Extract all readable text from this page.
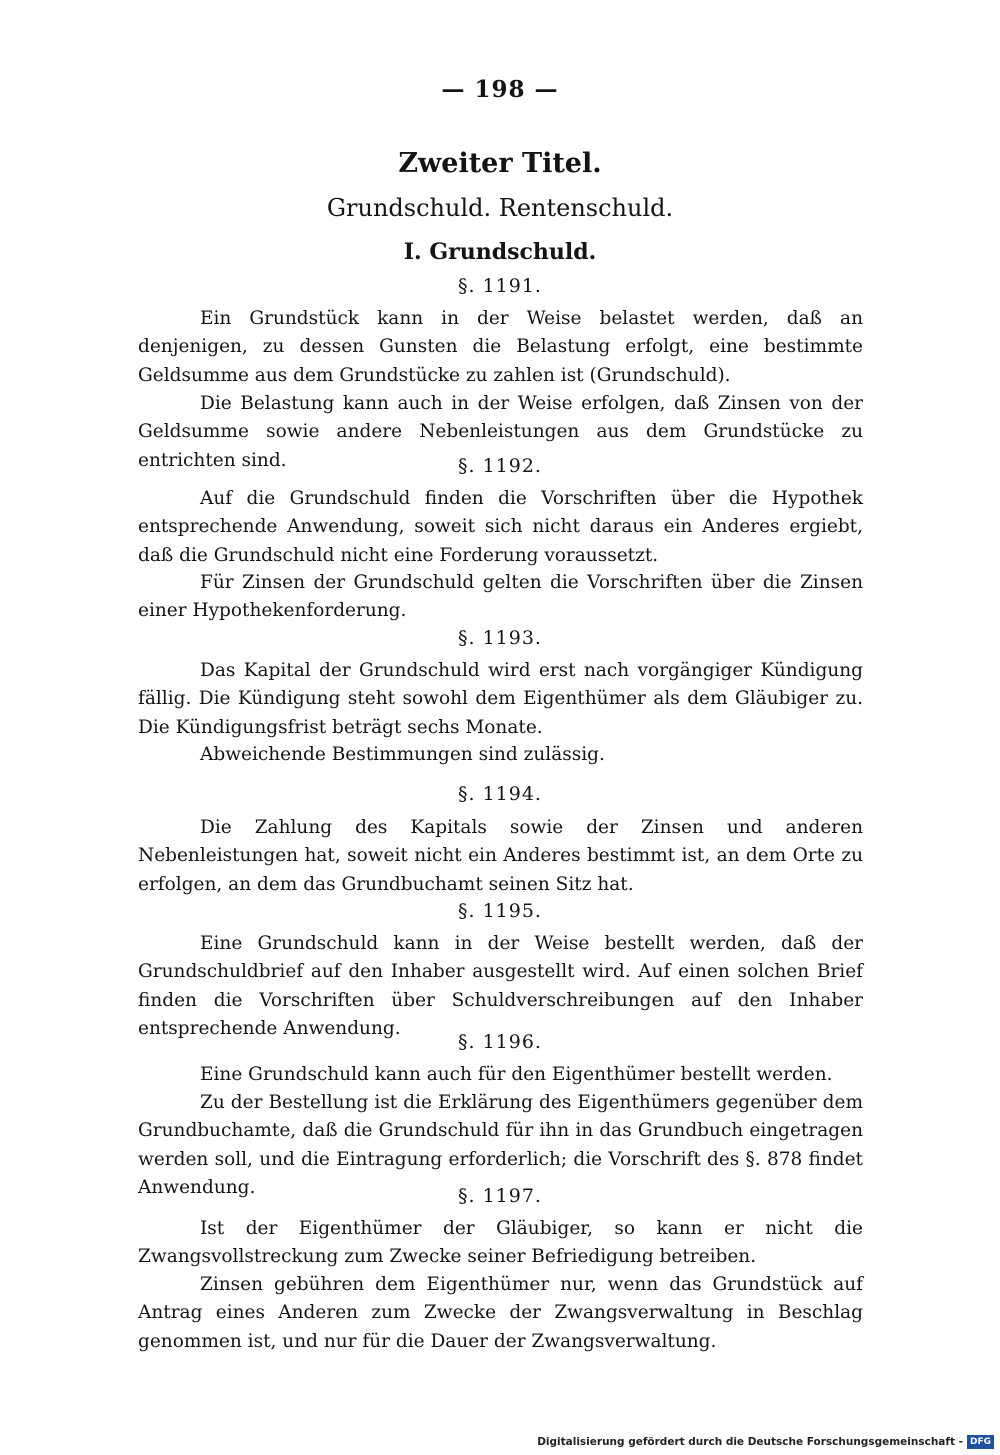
— 198 —
Zweiter Titel.
Grundschuld. Rentenschuld.
I. Grundschuld.
§. 1191.

Ein Grundstück kann in der Weise belastet werden, daß an denjenigen, zu dessen Gunsten die Belastung erfolgt, eine bestimmte Geldsumme aus dem Grundstücke zu zahlen ist (Grundschuld).

Die Belastung kann auch in der Weise erfolgen, daß Zinsen von der Geldsumme sowie andere Nebenleistungen aus dem Grundstücke zu entrichten sind.	§. 1192.

Auf die Grundschuld finden die Vorschriften über die Hypothek entsprechende Anwendung, soweit sich nicht daraus ein Anderes ergiebt, daß die Grundschuld nicht eine Forderung voraussetzt.

Für Zinsen der Grundschuld gelten die Vorschriften über die Zinsen einer Hypothekenforderung.

§. 1193.

Das Kapital der Grundschuld wird erst nach vorgängiger Kündigung fällig. Die Kündigung steht sowohl dem Eigenthümer als dem Gläubiger zu. Die Kündigungsfrist beträgt sechs Monate.

Abweichende Bestimmungen sind zulässig.

§. 1194.

Die Zahlung des Kapitals sowie der Zinsen und anderen Nebenleistungen hat, soweit nicht ein Anderes bestimmt ist, an dem Orte zu erfolgen, an dem das Grundbuchamt seinen Sitz hat.

§. 1195.

Eine Grundschuld kann in der Weise bestellt werden, daß der Grundschuldbrief auf den Inhaber ausgestellt wird. Auf einen solchen Brief finden die Vorschriften über Schuldverschreibungen auf den Inhaber entsprechende Anwendung.

§. 1196.

Eine Grundschuld kann auch für den Eigenthümer bestellt werden.

Zu der Bestellung ist die Erklärung des Eigenthümers gegenüber dem Grundbuchamte, daß die Grundschuld für ihn in das Grundbuch eingetragen werden soll, und die Eintragung erforderlich; die Vorschrift des §. 878 findet Anwendung.	§. 1197.

Ist der Eigenthümer der Gläubiger, so kann er nicht die Zwangsvollstreckung zum Zwecke seiner Befriedigung betreiben.

Zinsen gebühren dem Eigenthümer nur, wenn das Grundstück auf Antrag eines Anderen zum Zwecke der Zwangsverwaltung in Beschlag genommen ist, und nur für die Dauer der Zwangsverwaltung.

Digitalisierung gefördert durch die Deutsche Forschungsgemeinschaft - DFG
